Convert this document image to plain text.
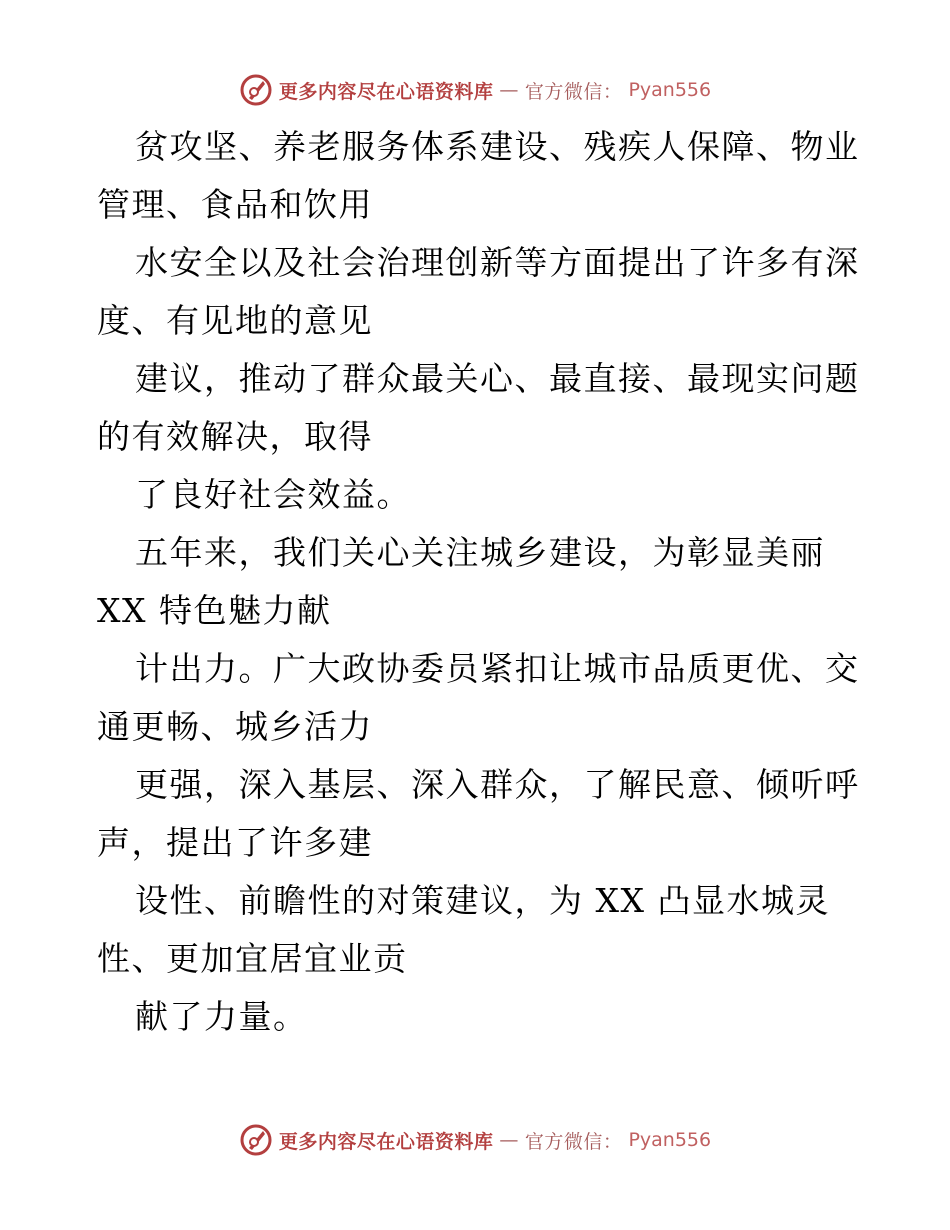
更多内容尽在心语资料库 — 官方微信： Pyan556
贫攻坚、养老服务体系建设、残疾人保障、物业
管理、食品和饮用
水安全以及社会治理创新等方面提出了许多有深
度、有见地的意见
建议，推动了群众最关心、最直接、最现实问题
的有效解决，取得
了良好社会效益。
五年来，我们关心关注城乡建设，为彰显美丽
XX 特色魅力献
计出力。广大政协委员紧扣让城市品质更优、交
通更畅、城乡活力
更强，深入基层、深入群众，了解民意、倾听呼
声，提出了许多建
设性、前瞻性的对策建议，为 XX 凸显水城灵
性、更加宜居宜业贡
献了力量。
更多内容尽在心语资料库 — 官方微信： Pyan556
